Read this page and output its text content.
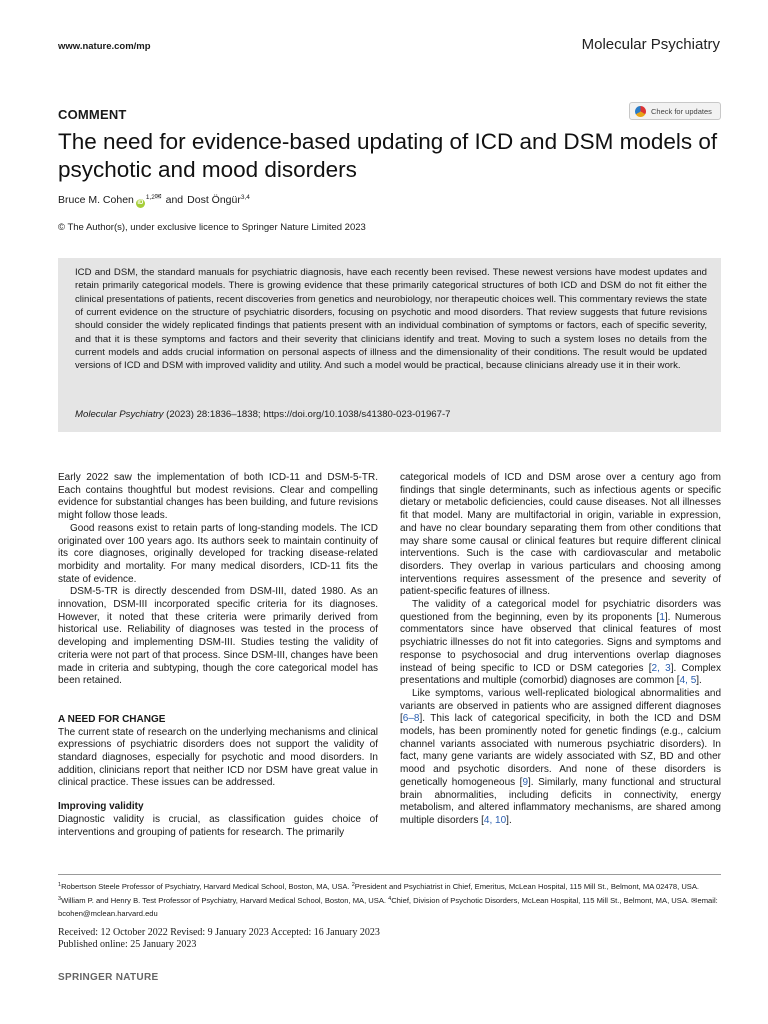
www.nature.com/mp	Molecular Psychiatry
COMMENT	Check for updates
The need for evidence-based updating of ICD and DSM models of psychotic and mood disorders
Bruce M. Cohen iD
1,2 ✉ and Dost Öngür 3,4
© The Author(s), under exclusive licence to Springer Nature Limited 2023
ICD and DSM, the standard manuals for psychiatric diagnosis, have each recently been revised. These newest versions have modest updates and retain primarily categorical models. There is growing evidence that these primarily categorical structures of both ICD and DSM do not fit either the clinical presentations of patients, recent discoveries from genetics and neurobiology, nor therapeutic choices well. This commentary reviews the state of current evidence on the structure of psychiatric disorders, focusing on psychotic and mood disorders. That review suggests that future revisions should consider the widely replicated findings that patients present with an individual combination of symptoms or factors, each of specific severity, and that it is these symptoms and factors and their severity that clinicians identify and treat. Moving to such a system loses no details from the current models and adds crucial information on personal aspects of illness and the dimensionality of their conditions. The result would be updated versions of ICD and DSM with improved validity and utility. And such a model would be practical, because clinicians already use it in their work.
Molecular Psychiatry (2023) 28:1836–1838; https://doi.org/10.1038/s41380-023-01967-7

Early 2022 saw the implementation of both ICD-11 and DSM-5-TR. Each contains thoughtful but modest revisions. Clear and compelling evidence for substantial changes has been building, and future revisions might follow those leads.

Good reasons exist to retain parts of long-standing models. The ICD originated over 100 years ago. Its authors seek to maintain continuity of its core diagnoses, originally developed for tracking disease-related morbidity and mortality. For many medical disorders, ICD-11 fits the state of evidence.

DSM-5-TR is directly descended from DSM-III, dated 1980. As an innovation, DSM-III incorporated specific criteria for its diagnoses. However, it noted that these criteria were primarily derived from historical use. Reliability of diagnoses was tested in the process of developing and implementing DSM-III. Studies testing the validity of criteria were not part of that process. Since DSM-III, changes have been made in criteria and subtyping, though the core categorical model has been retained.

A NEED FOR CHANGE

The current state of research on the underlying mechanisms and clinical expressions of psychiatric disorders does not support the validity of standard diagnoses, especially for psychotic and mood disorders. In addition, clinicians report that neither ICD nor DSM have great value in clinical practice. These issues can be addressed.

Improving validity

Diagnostic validity is crucial, as classification guides choice of interventions and grouping of patients for research. The primarily

categorical models of ICD and DSM arose over a century ago from findings that single determinants, such as infectious agents or specific dietary or metabolic deficiencies, could cause diseases. Not all illnesses fit that model. Many are multifactorial in origin, variable in expression, and have no clear boundary separating them from other conditions that may share some causal or clinical features but require different clinical interventions. Such is the case with cardiovascular and metabolic disorders. They overlap in various particulars and choosing among interventions requires assessment of the presence and severity of patient-specific features of illness.

The validity of a categorical model for psychiatric disorders was questioned from the beginning, even by its proponents [1]. Numerous commentators since have observed that clinical features of most psychiatric illnesses do not fit into categories. Signs and symptoms and response to psychosocial and drug interventions overlap diagnoses instead of being specific to ICD or DSM categories [2, 3]. Complex presentations and multiple (comorbid) diagnoses are common [4, 5].

Like symptoms, various well-replicated biological abnormalities and variants are observed in patients who are assigned different diagnoses [6–8]. This lack of categorical specificity, in both the ICD and DSM models, has been prominently noted for genetic findings (e.g., calcium channel variants associated with numerous psychiatric disorders). In fact, many gene variants are widely associated with SZ, BD and other mood and psychotic disorders. And none of these disorders is genetically homogeneous [9]. Similarly, many functional and structural brain abnormalities, including deficits in connectivity, energy metabolism, and altered inflammatory mechanisms, are shared among multiple disorders [4, 10].

$^1$Robertson Steele Professor of Psychiatry, Harvard Medical School, Boston, MA, USA. $^2$President and Psychiatrist in Chief, Emeritus, McLean Hospital, 115 Mill St., Belmont, MA 02478, USA. $^3$William P. and Henry B. Test Professor of Psychiatry, Harvard Medical School, Boston, MA, USA. $^4$Chief, Division of Psychotic Disorders, McLean Hospital, 115 Mill St., Belmont, MA, USA. ✉email: bcohen@mclean.harvard.edu
Received: 12 October 2022 Revised: 9 January 2023 Accepted: 16 January 2023
Published online: 25 January 2023
SPRINGER NATURE
